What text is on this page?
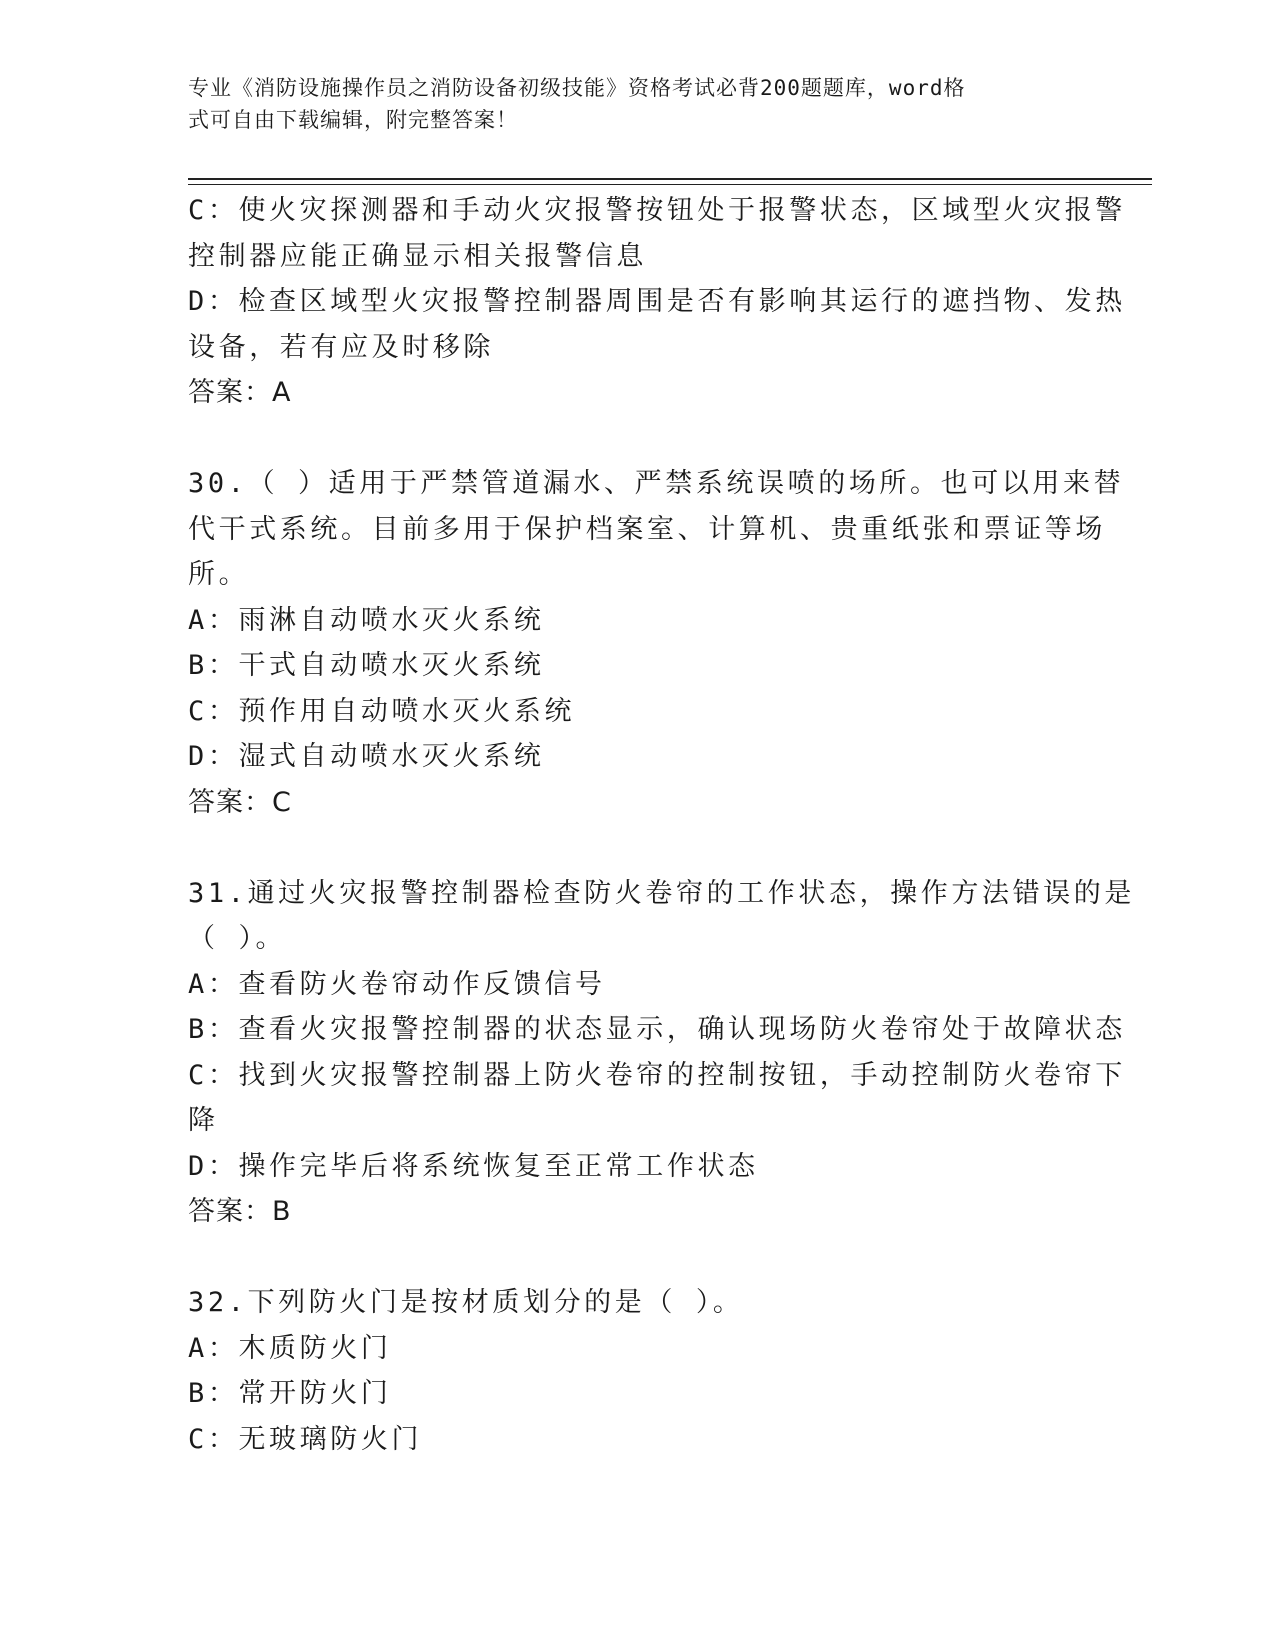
专业《消防设施操作员之消防设备初级技能》资格考试必背200题题库，word格
式可自由下载编辑，附完整答案！
C：使火灾探测器和手动火灾报警按钮处于报警状态，区域型火灾报警
控制器应能正确显示相关报警信息
D：检查区域型火灾报警控制器周围是否有影响其运行的遮挡物、发热
设备，若有应及时移除
答案：A
30.（ ）适用于严禁管道漏水、严禁系统误喷的场所。也可以用来替
代干式系统。目前多用于保护档案室、计算机、贵重纸张和票证等场
所。
A：雨淋自动喷水灭火系统
B：干式自动喷水灭火系统
C：预作用自动喷水灭火系统
D：湿式自动喷水灭火系统
答案：C
31.通过火灾报警控制器检查防火卷帘的工作状态，操作方法错误的是
（ ）。
A：查看防火卷帘动作反馈信号
B：查看火灾报警控制器的状态显示，确认现场防火卷帘处于故障状态
C：找到火灾报警控制器上防火卷帘的控制按钮，手动控制防火卷帘下
降
D：操作完毕后将系统恢复至正常工作状态
答案：B
32.下列防火门是按材质划分的是（ ）。
A：木质防火门
B：常开防火门
C：无玻璃防火门
